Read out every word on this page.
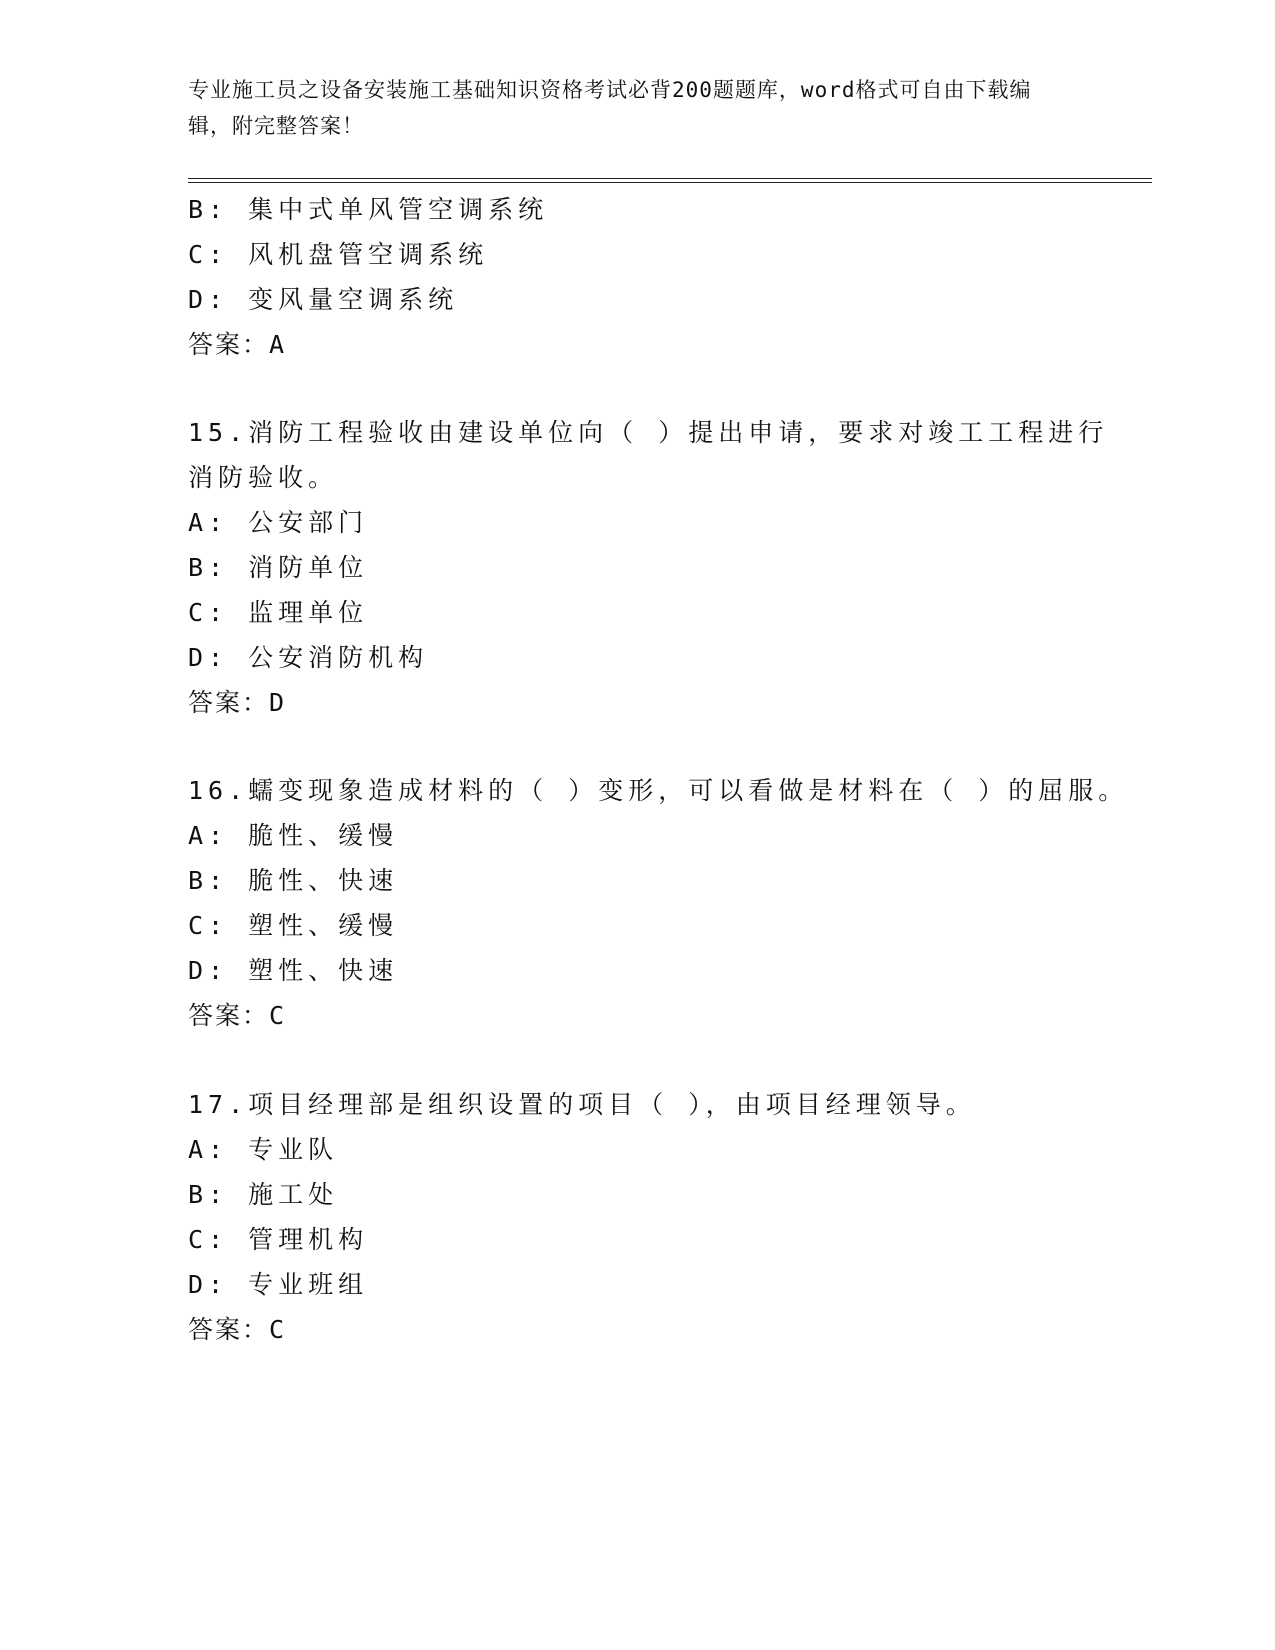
专业施工员之设备安装施工基础知识资格考试必背200题题库，word格式可自由下载编辑，附完整答案！
B: 集中式单风管空调系统
C: 风机盘管空调系统
D: 变风量空调系统
答案：A
15.消防工程验收由建设单位向（ ）提出申请，要求对竣工工程进行
消防验收。
A: 公安部门
B: 消防单位
C: 监理单位
D: 公安消防机构
答案：D
16.蠕变现象造成材料的（ ）变形，可以看做是材料在（ ）的屈服。
A: 脆性、缓慢
B: 脆性、快速
C: 塑性、缓慢
D: 塑性、快速
答案：C
17.项目经理部是组织设置的项目（ ），由项目经理领导。
A: 专业队
B: 施工处
C: 管理机构
D: 专业班组
答案：C
